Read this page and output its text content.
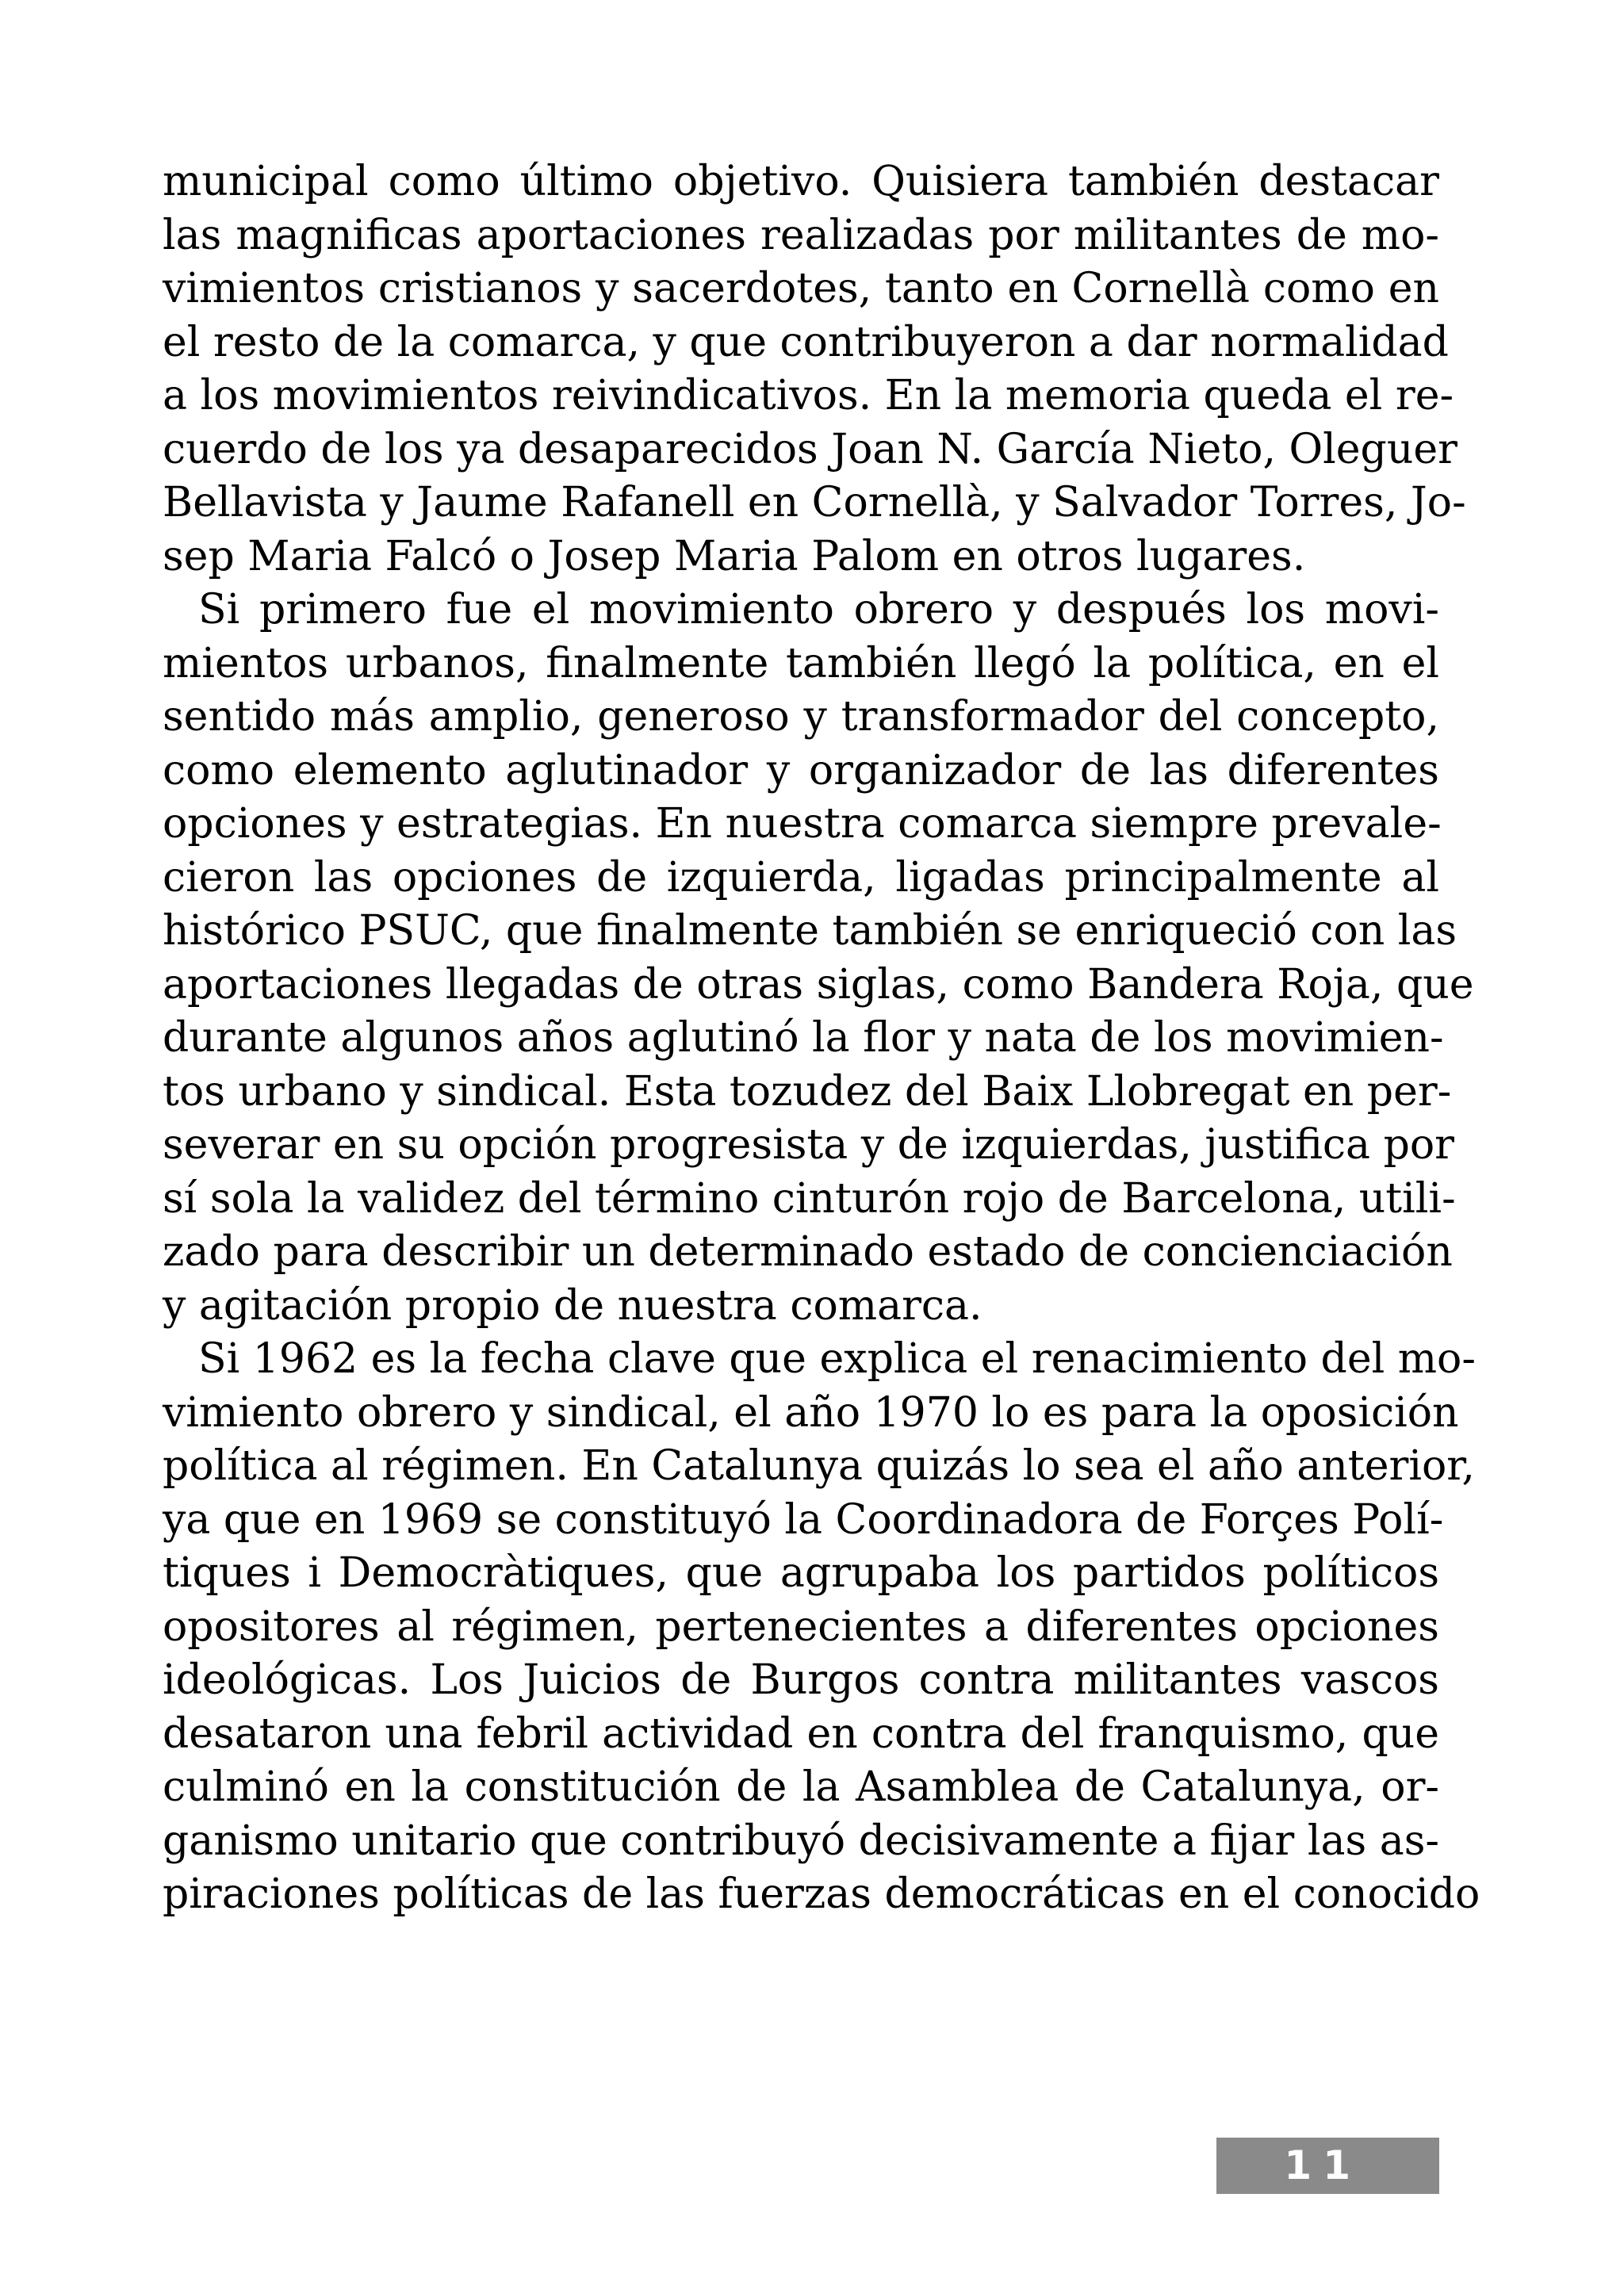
municipal como último objetivo. Quisiera también destacar
las magnificas aportaciones realizadas por militantes de mo-
vimientos cristianos y sacerdotes, tanto en Cornellà como en
el resto de la comarca, y que contribuyeron a dar normalidad
a los movimientos reivindicativos. En la memoria queda el re-
cuerdo de los ya desaparecidos Joan N. García Nieto, Oleguer
Bellavista y Jaume Rafanell en Cornellà, y Salvador Torres, Jo-
sep Maria Falcó o Josep Maria Palom en otros lugares.
Si primero fue el movimiento obrero y después los movi-
mientos urbanos, finalmente también llegó la política, en el
sentido más amplio, generoso y transformador del concepto,
como elemento aglutinador y organizador de las diferentes
opciones y estrategias. En nuestra comarca siempre prevale-
cieron las opciones de izquierda, ligadas principalmente al
histórico PSUC, que finalmente también se enriqueció con las
aportaciones llegadas de otras siglas, como Bandera Roja, que
durante algunos años aglutinó la flor y nata de los movimien-
tos urbano y sindical. Esta tozudez del Baix Llobregat en per-
severar en su opción progresista y de izquierdas, justifica por
sí sola la validez del término cinturón rojo de Barcelona, utili-
zado para describir un determinado estado de concienciación
y agitación propio de nuestra comarca.
Si 1962 es la fecha clave que explica el renacimiento del mo-
vimiento obrero y sindical, el año 1970 lo es para la oposición
política al régimen. En Catalunya quizás lo sea el año anterior,
ya que en 1969 se constituyó la Coordinadora de Forçes Polí-
tiques i Democràtiques, que agrupaba los partidos políticos
opositores al régimen, pertenecientes a diferentes opciones
ideológicas. Los Juicios de Burgos contra militantes vascos
desataron una febril actividad en contra del franquismo, que
culminó en la constitución de la Asamblea de Catalunya, or-
ganismo unitario que contribuyó decisivamente a fijar las as-
piraciones políticas de las fuerzas democráticas en el conocido
11
